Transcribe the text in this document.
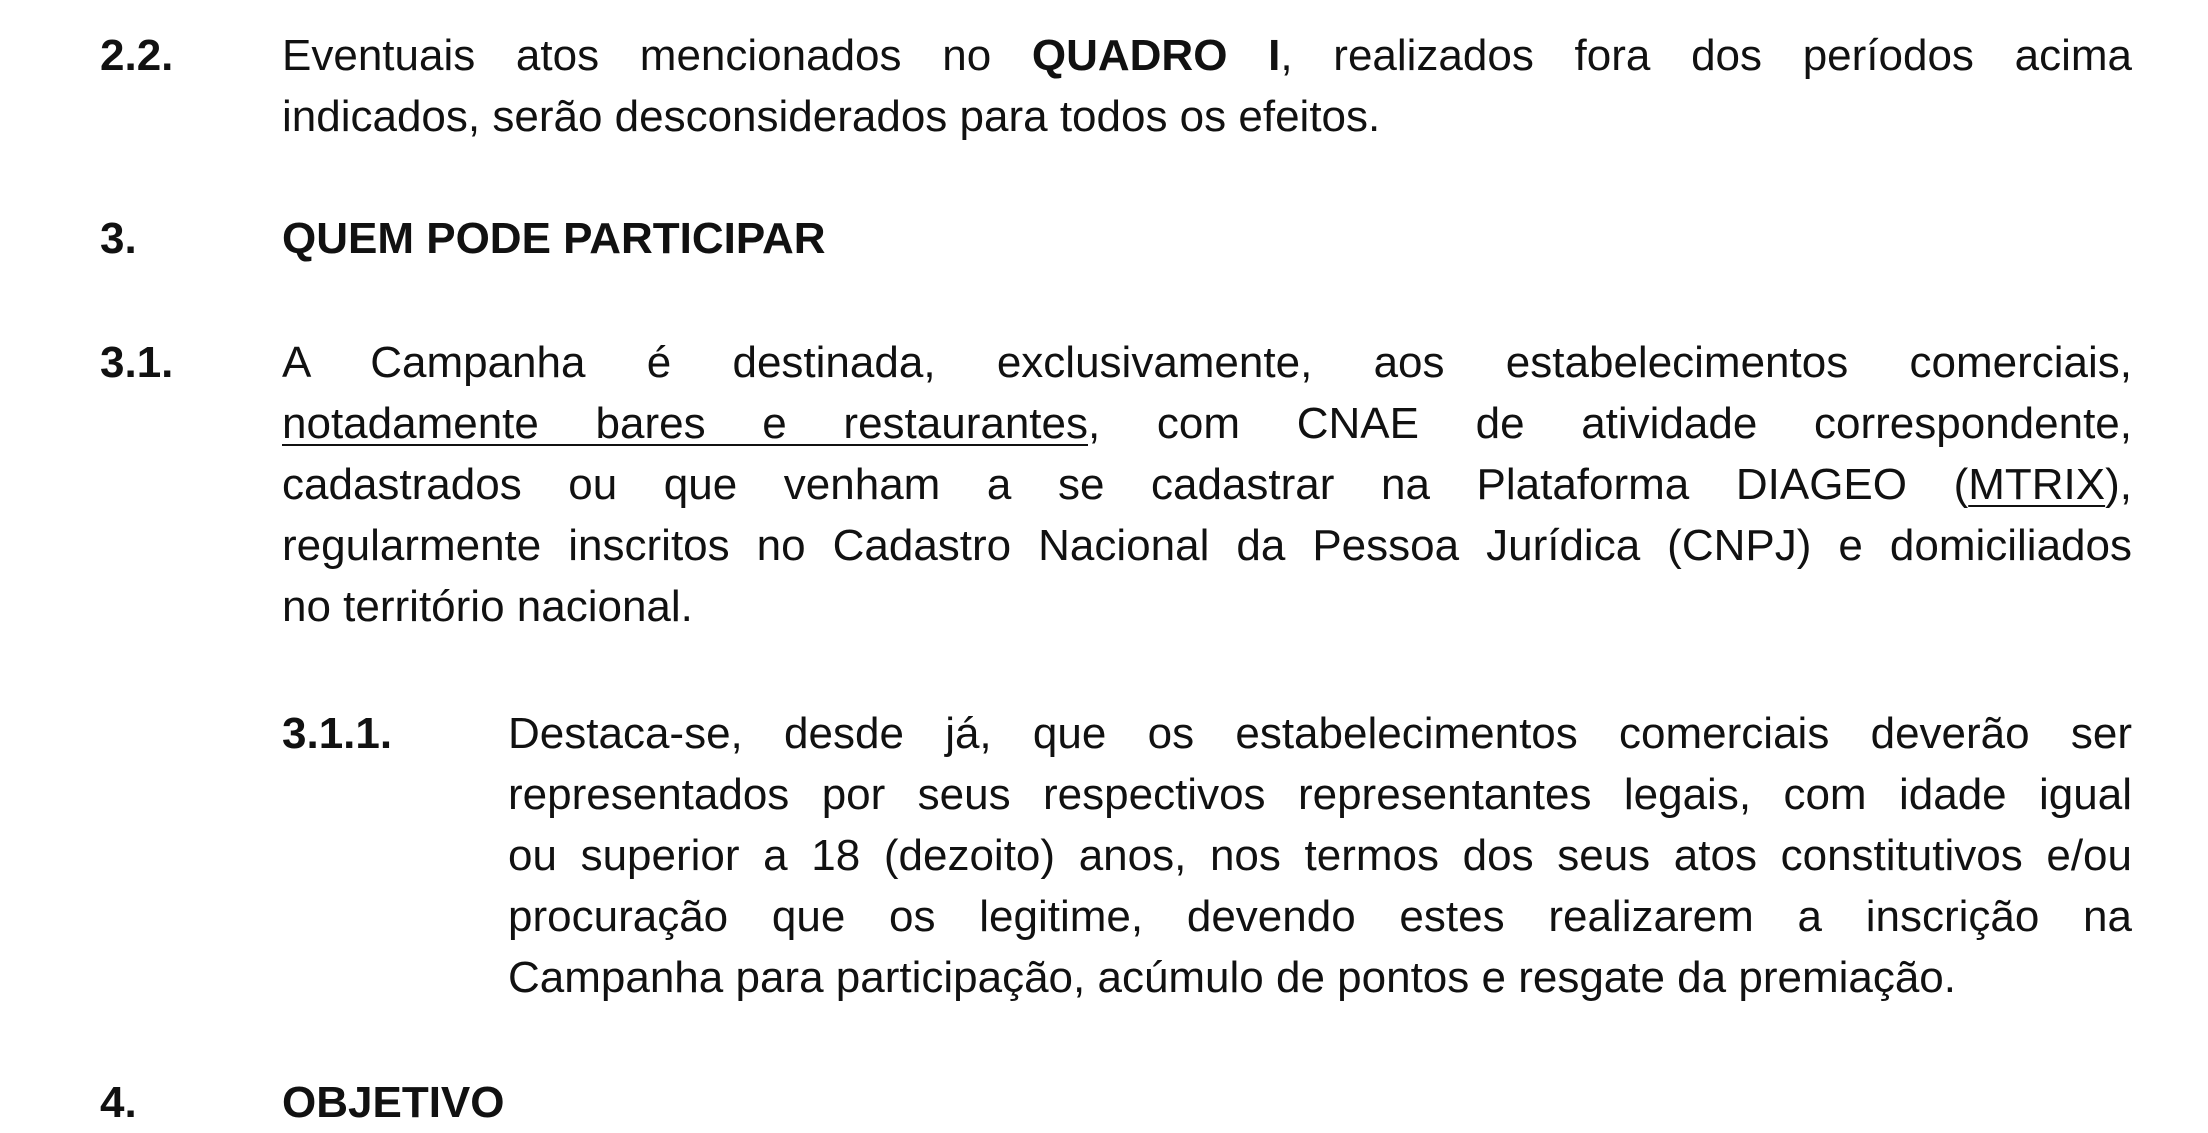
2.2. Eventuais atos mencionados no QUADRO I, realizados fora dos períodos acima
indicados, serão desconsiderados para todos os efeitos.
3.	QUEM PODE PARTICIPAR
3.1. A Campanha é destinada, exclusivamente, aos estabelecimentos comerciais,
notadamente bares e restaurantes, com CNAE de atividade correspondente,
cadastrados ou que venham a se cadastrar na Plataforma DIAGEO (MTRIX),
regularmente inscritos no Cadastro Nacional da Pessoa Jurídica (CNPJ) e domiciliados
no território nacional.
3.1.1.	Destaca-se, desde já, que os estabelecimentos comerciais deverão ser
representados por seus respectivos representantes legais, com idade igual
ou superior a 18 (dezoito) anos, nos termos dos seus atos constitutivos e/ou
procuração que os legitime, devendo estes realizarem a inscrição na
Campanha para participação, acúmulo de pontos e resgate da premiação.
4.	OBJETIVO
